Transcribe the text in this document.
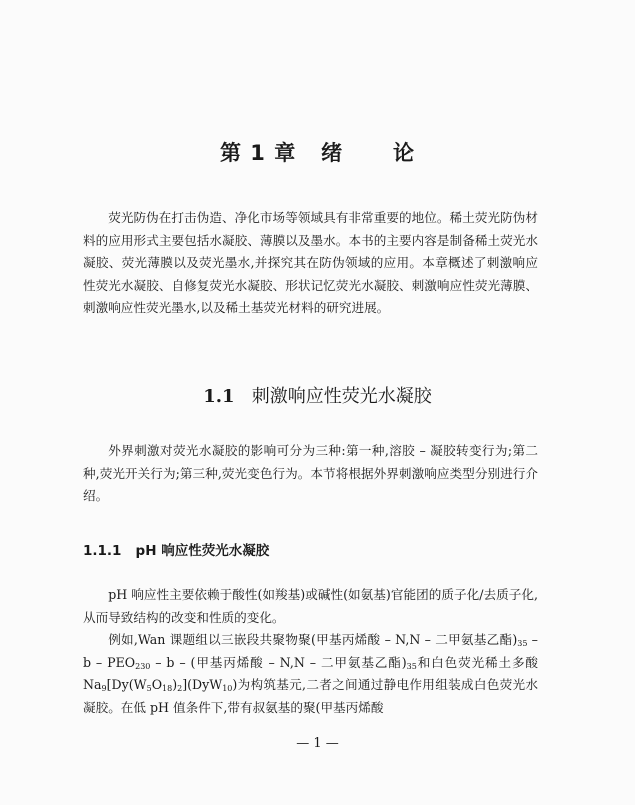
第 1 章   绪      论

荧光防伪在打击伪造、净化市场等领域具有非常重要的地位。稀土荧光防伪材料的应用形式主要包括水凝胶、薄膜以及墨水。本书的主要内容是制备稀土荧光水凝胶、荧光薄膜以及荧光墨水,并探究其在防伪领域的应用。本章概述了刺激响应性荧光水凝胶、自修复荧光水凝胶、形状记忆荧光水凝胶、刺激响应性荧光薄膜、刺激响应性荧光墨水,以及稀土基荧光材料的研究进展。

1.1 刺激响应性荧光水凝胶

外界刺激对荧光水凝胶的影响可分为三种:第一种,溶胶 – 凝胶转变行为;第二种,荧光开关行为;第三种,荧光变色行为。本节将根据外界刺激响应类型分别进行介绍。

1.1.1 pH 响应性荧光水凝胶

pH 响应性主要依赖于酸性(如羧基)或碱性(如氨基)官能团的质子化/去质子化,从而导致结构的改变和性质的变化。

例如,Wan 课题组以三嵌段共聚物聚(甲基丙烯酸 – N,N – 二甲氨基乙酯)$_{35}$ – b – $PEO_{230}$ – b – (甲基丙烯酸 – N,N – 二甲氨基乙酯)$_{35}$和白色荧光稀土多酸 $Na_9[Dy(W_5O_{18})_2](DyW_{10})$为构筑基元,二者之间通过静电作用组装成白色荧光水凝胶。在低 pH 值条件下,带有叔氨基的聚(甲基丙烯酸

— 1 —
